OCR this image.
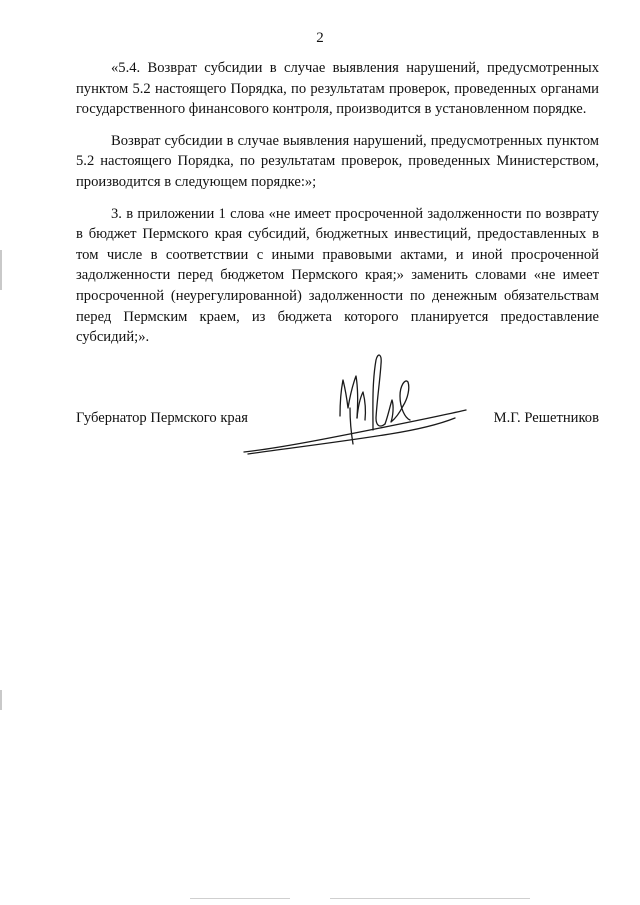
2

«5.4. Возврат субсидии в случае выявления нарушений, предусмотренных пунктом 5.2 настоящего Порядка, по результатам проверок, проведенных органами государственного финансового контроля, производится в установленном порядке.

Возврат субсидии в случае выявления нарушений, предусмотренных пунктом 5.2 настоящего Порядка, по результатам проверок, проведенных Министерством, производится в следующем порядке:»;

3. в приложении 1 слова «не имеет просроченной задолженности по возврату в бюджет Пермского края субсидий, бюджетных инвестиций, предоставленных в том числе в соответствии с иными правовыми актами, и иной просроченной задолженности перед бюджетом Пермского края;» заменить словами «не имеет просроченной (неурегулированной) задолженности по денежным обязательствам перед Пермским краем, из бюджета которого планируется предоставление субсидий;».

Губернатор Пермского края	М.Г. Решетников
